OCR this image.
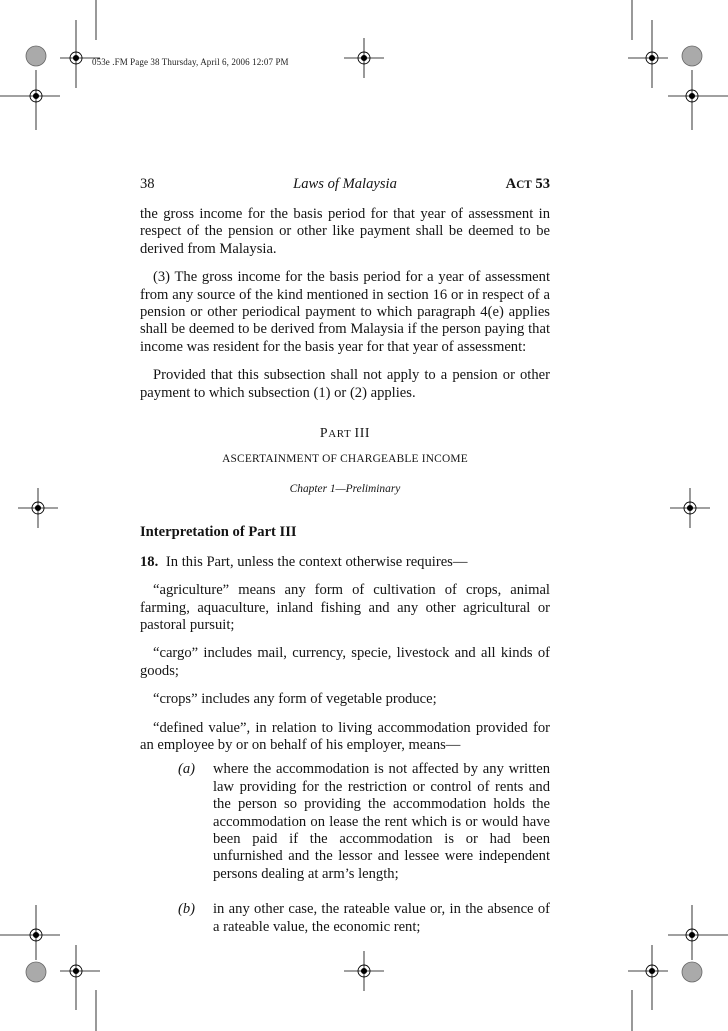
053e .FM Page 38 Thursday, April 6, 2006 12:07 PM
38	Laws of Malaysia	ACT 53

the gross income for the basis period for that year of assessment in respect of the pension or other like payment shall be deemed to be derived from Malaysia.

(3) The gross income for the basis period for a year of assessment from any source of the kind mentioned in section 16 or in respect of a pension or other periodical payment to which paragraph 4(e) applies shall be deemed to be derived from Malaysia if the person paying that income was resident for the basis year for that year of assessment:

Provided that this subsection shall not apply to a pension or other payment to which subsection (1) or (2) applies.

PART III

ASCERTAINMENT OF CHARGEABLE INCOME

Chapter 1—Preliminary

Interpretation of Part III

18. In this Part, unless the context otherwise requires—

“agriculture” means any form of cultivation of crops, animal farming, aquaculture, inland fishing and any other agricultural or pastoral pursuit;

“cargo” includes mail, currency, specie, livestock and all kinds of goods;

“crops” includes any form of vegetable produce;

“defined value”, in relation to living accommodation provided for an employee by or on behalf of his employer, means—

(a)	where the accommodation is not affected by any written law providing for the restriction or control of rents and the person so providing the accommodation holds the accommodation on lease the rent which is or would have been paid if the accommodation is or had been unfurnished and the lessor and lessee were independent persons dealing at arm’s length;
(b)	in any other case, the rateable value or, in the absence of a rateable value, the economic rent;
